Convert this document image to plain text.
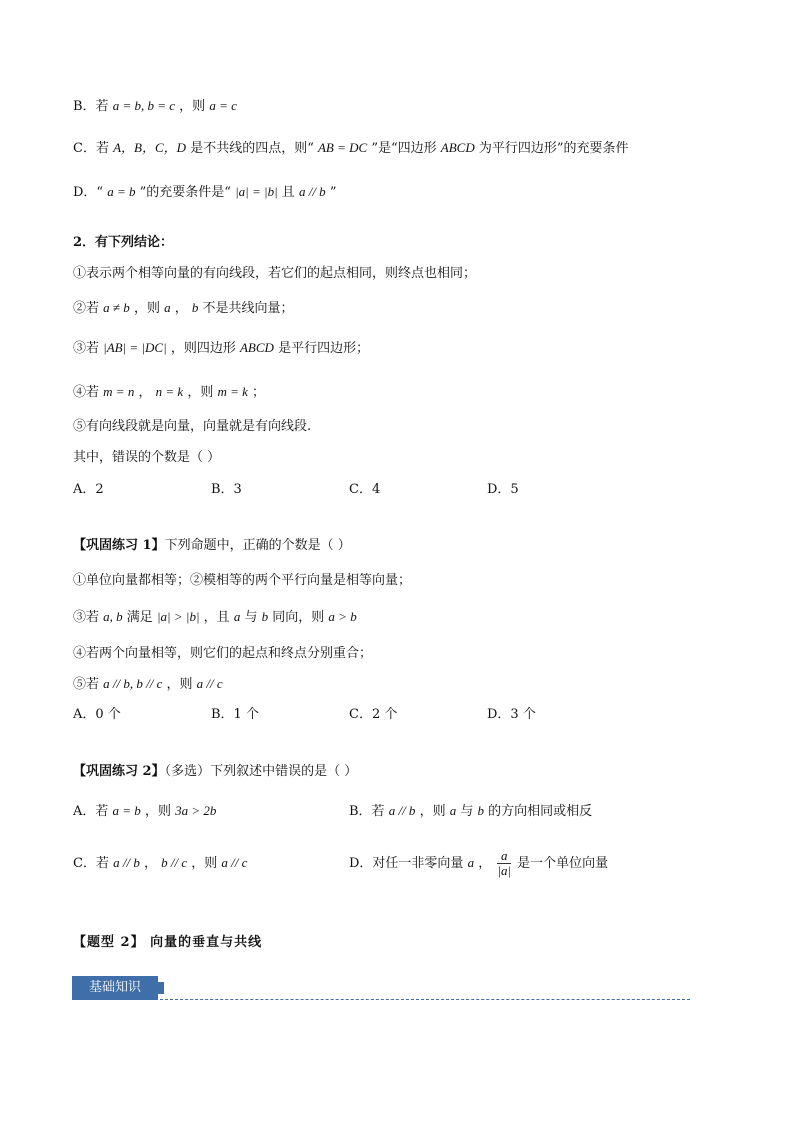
B．若 a = b, b = c ，则 a = c
C．若 A，B，C，D 是不共线的四点，则“ AB = DC ”是“四边形 ABCD 为平行四边形”的充要条件
D．“ a = b ”的充要条件是“ |a| = |b| 且 a // b ”
2．有下列结论：
①表示两个相等向量的有向线段，若它们的起点相同，则终点也相同；
②若 a ≠ b ，则 a ， b 不是共线向量；
③若 |AB| = |DC| ，则四边形 ABCD 是平行四边形；
④若 m = n ， n = k ，则 m = k ；
⑤有向线段就是向量，向量就是有向线段.
其中，错误的个数是（ ）
A．2	B．3	C．4	D．5
【巩固练习 1】下列命题中，正确的个数是（ ）
①单位向量都相等；②模相等的两个平行向量是相等向量；
③若 a, b 满足 |a| > |b| ，且 a 与 b 同向，则 a > b
④若两个向量相等，则它们的起点和终点分别重合；
⑤若 a // b, b // c ，则 a // c
A．0 个	B．1 个	C．2 个	D．3 个
【巩固练习 2】（多选）下列叙述中错误的是（ ）
A．若 a = b ，则 3a > 2b	B．若 a // b ，则 a 与 b 的方向相同或相反
C．若 a // b ， b // c ，则 a // c	D．对任一非零向量 a ， $\frac{a}{|a|}$ 是一个单位向量
【题型 2】 向量的垂直与共线
基础知识
